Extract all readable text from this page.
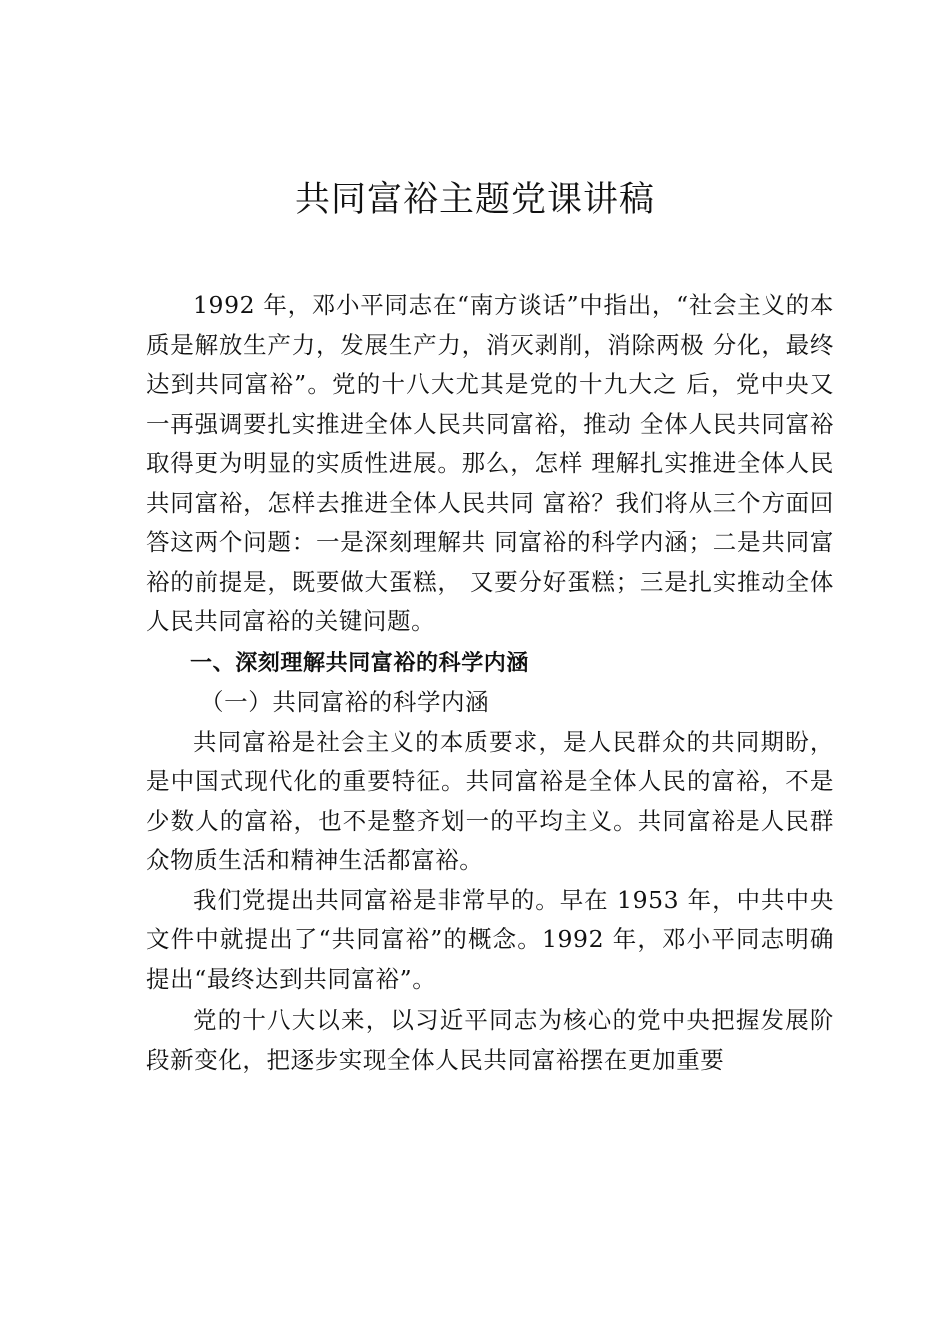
共同富裕主题党课讲稿

1992 年，邓小平同志在“南方谈话”中指出，“社会主义的本质是解放生产力，发展生产力，消灭剥削，消除两极 分化，最终达到共同富裕”。党的十八大尤其是党的十九大之 后，党中央又一再强调要扎实推进全体人民共同富裕，推动 全体人民共同富裕取得更为明显的实质性进展。那么，怎样 理解扎实推进全体人民共同富裕，怎样去推进全体人民共同 富裕？我们将从三个方面回答这两个问题：一是深刻理解共 同富裕的科学内涵；二是共同富裕的前提是，既要做大蛋糕， 又要分好蛋糕；三是扎实推动全体人民共同富裕的关键问题。

一、深刻理解共同富裕的科学内涵

（一）共同富裕的科学内涵

共同富裕是社会主义的本质要求，是人民群众的共同期盼，是中国式现代化的重要特征。共同富裕是全体人民的富裕，不是少数人的富裕，也不是整齐划一的平均主义。共同富裕是人民群众物质生活和精神生活都富裕。

我们党提出共同富裕是非常早的。早在 1953 年，中共中央文件中就提出了“共同富裕”的概念。1992 年，邓小平同志明确提出“最终达到共同富裕”。

党的十八大以来，以习近平同志为核心的党中央把握发展阶段新变化，把逐步实现全体人民共同富裕摆在更加重要
